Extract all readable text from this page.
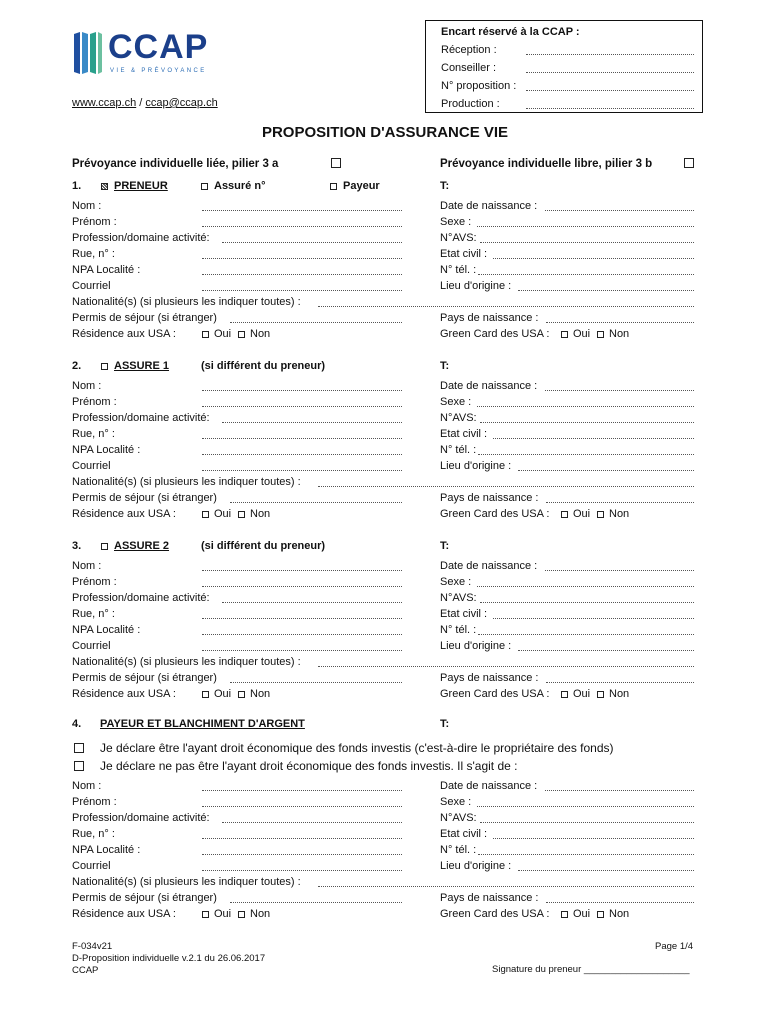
CCAP
VIE & PRÉVOYANCE
www.ccap.ch / ccap@ccap.ch
Encart réservé à la CCAP :
Réception :
Conseiller :
N° proposition :
Production :
PROPOSITION D'ASSURANCE VIE
Prévoyance individuelle liée, pilier 3 a	Prévoyance individuelle libre, pilier 3 b
1.	PRENEUR	Assuré n°	Payeur	T:
Nom :	Date de naissance :
Prénom :	Sexe :
Profession/domaine activité:	N°AVS:
Rue, n° :	Etat civil :
NPA Localité :	N° tél. :
Courriel	Lieu d'origine :
Nationalité(s) (si plusieurs les indiquer toutes) :
Permis de séjour (si étranger)	Pays de naissance :
Résidence aux USA :	Oui Non	Green Card des USA : Oui Non
2.	ASSURE 1	(si différent du preneur)	T:
Nom :	Date de naissance :
Prénom :	Sexe :
Profession/domaine activité:	N°AVS:
Rue, n° :	Etat civil :
NPA Localité :	N° tél. :
Courriel	Lieu d'origine :
Nationalité(s) (si plusieurs les indiquer toutes) :
Permis de séjour (si étranger)	Pays de naissance :
Résidence aux USA :	Oui Non	Green Card des USA : Oui Non
3.	ASSURE 2	(si différent du preneur)	T:
Nom :	Date de naissance :
Prénom :	Sexe :
Profession/domaine activité:	N°AVS:
Rue, n° :	Etat civil :
NPA Localité :	N° tél. :
Courriel	Lieu d'origine :
Nationalité(s) (si plusieurs les indiquer toutes) :
Permis de séjour (si étranger)	Pays de naissance :
Résidence aux USA :	Oui Non	Green Card des USA : Oui Non
4. PAYEUR ET BLANCHIMENT D'ARGENT	T:
Je déclare être l'ayant droit économique des fonds investis (c'est-à-dire le propriétaire des fonds)
Je déclare ne pas être l'ayant droit économique des fonds investis. Il s'agit de :
Nom :	Date de naissance :
Prénom :	Sexe :
Profession/domaine activité:	N°AVS:
Rue, n° :	Etat civil :
NPA Localité :	N° tél. :
Courriel	Lieu d'origine :
Nationalité(s) (si plusieurs les indiquer toutes) :
Permis de séjour (si étranger)	Pays de naissance :
Résidence aux USA :	Oui Non	Green Card des USA : Oui Non
F-034v21
D-Proposition individuelle v.2.1 du 26.06.2017
CCAP
Page 1/4
Signature du preneur ____________________
